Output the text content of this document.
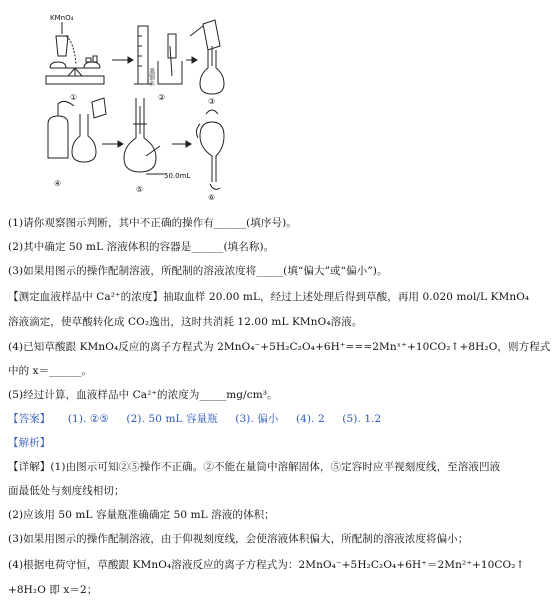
KMnO₄
蒸馏水
50.0mL
①	②	③
④
⑤
⑥
(1)请你观察图示判断，其中不正确的操作有______(填序号)。
(2)其中确定 50 mL 溶液体积的容器是______(填名称)。
(3)如果用图示的操作配制溶液，所配制的溶液浓度将_____(填“偏大”或“偏小”)。
【测定血液样品中 Ca²⁺的浓度】抽取血样 20.00 mL，经过上述处理后得到草酸，再用 0.020 mol/L KMnO₄
溶液滴定，使草酸转化成 CO₂逸出，这时共消耗 12.00 mL KMnO₄溶液。
(4)已知草酸跟 KMnO₄反应的离子方程式为 2MnO₄⁻+5H₂C₂O₄+6H⁺===2Mnˣ⁺+10CO₂↑+8H₂O，则方程式
中的 x＝______。
(5)经过计算，血液样品中 Ca²⁺的浓度为_____mg/cm³。
【答案】 (1). ②⑤ (2). 50 mL 容量瓶 (3). 偏小 (4). 2 (5). 1.2
【解析】
【详解】(1)由图示可知②⑤操作不正确。②不能在量筒中溶解固体，⑤定容时应平视刻度线，至溶液凹液
面最低处与刻度线相切；
(2)应该用 50 mL 容量瓶准确确定 50 mL 溶液的体积；
(3)如果用图示的操作配制溶液，由于仰视刻度线，会使溶液体积偏大，所配制的溶液浓度将偏小；
(4)根据电荷守恒，草酸跟 KMnO₄溶液反应的离子方程式为：2MnO₄⁻+5H₂C₂O₄+6H⁺＝2Mn²⁺+10CO₂↑
+8H₂O 即 x＝2；
